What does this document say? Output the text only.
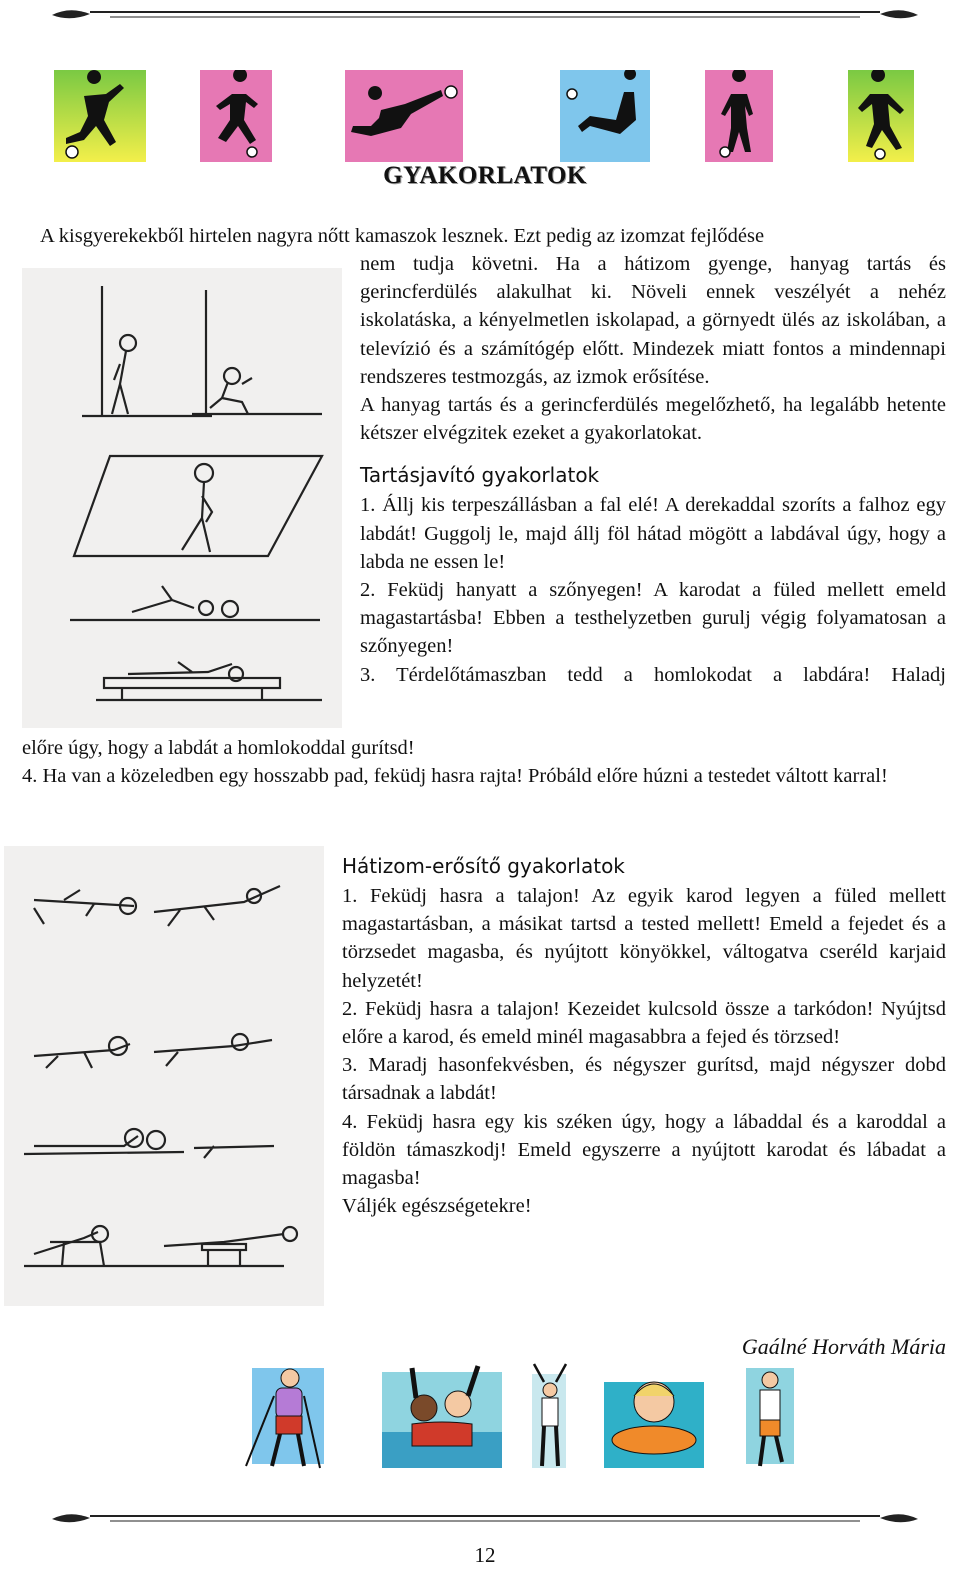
GYAKORLATOK
A kisgyerekekből hirtelen nagyra nőtt kamaszok lesznek. Ezt pedig az izomzat fejlődése
nem tudja követni. Ha a hátizom gyenge, hanyag tartás és gerincferdülés alakulhat ki. Növeli ennek veszélyét a nehéz iskolatáska, a kényelmetlen iskolapad, a görnyedt ülés az iskolában, a televízió és a számítógép előtt. Mindezek miatt fontos a mindennapi rendszeres testmozgás, az izmok erősítése.
A hanyag tartás és a gerincferdülés megelőzhető, ha legalább hetente kétszer elvégzitek ezeket a gyakorlatokat.
Tartásjavító gyakorlatok
1. Állj kis terpeszállásban a fal elé! A derekaddal szoríts a falhoz egy labdát! Guggolj le, majd állj föl hátad mögött a labdával úgy, hogy a labda ne essen le!
2. Feküdj hanyatt a szőnyegen! A karodat a füled mellett emeld magastartásba! Ebben a testhelyzetben gurulj végig folyamatosan a szőnyegen!
3. Térdelőtámaszban tedd a homlokodat a labdára! Haladj
előre úgy, hogy a labdát a homlokoddal gurítsd!
4. Ha van a közeledben egy hosszabb pad, feküdj hasra rajta! Próbáld előre húzni a testedet váltott karral!
Hátizom-erősítő gyakorlatok
1. Feküdj hasra a talajon! Az egyik karod legyen a füled mellett magastartásban, a másikat tartsd a tested mellett! Emeld a fejedet és a törzsedet magasba, és nyújtott könyökkel, váltogatva cseréld karjaid helyzetét!
2. Feküdj hasra a talajon! Kezeidet kulcsold össze a tarkódon! Nyújtsd előre a karod, és emeld minél magasabbra a fejed és törzsed!
3. Maradj hasonfekvésben, és négyszer gurítsd, majd négyszer dobd társadnak a labdát!
4. Feküdj hasra egy kis széken úgy, hogy a lábaddal és a karoddal a földön támaszkodj! Emeld egyszerre a nyújtott karodat és lábadat a magasba!
Váljék egészségetekre!
Gaálné Horváth Mária
12
